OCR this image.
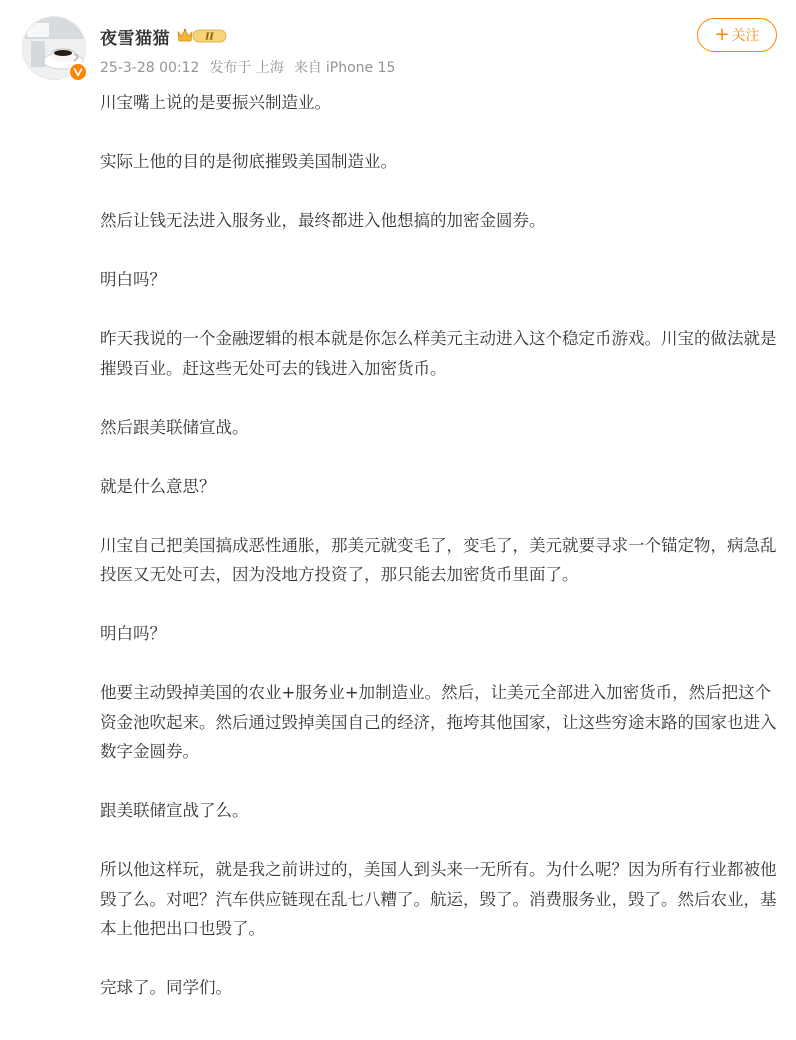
夜雪猫猫	II
25-3-28 00:12 发布于 上海 来自 iPhone 15
+ 关注

川宝嘴上说的是要振兴制造业。

实际上他的目的是彻底摧毁美国制造业。

然后让钱无法进入服务业，最终都进入他想搞的加密金圆券。

明白吗？

昨天我说的一个金融逻辑的根本就是你怎么样美元主动进入这个稳定币游戏。川宝的做法就是摧毁百业。赶这些无处可去的钱进入加密货币。

然后跟美联储宣战。

就是什么意思？

川宝自己把美国搞成恶性通胀，那美元就变毛了，变毛了，美元就要寻求一个锚定物，病急乱投医又无处可去，因为没地方投资了，那只能去加密货币里面了。

明白吗？

他要主动毁掉美国的农业+服务业+加制造业。然后，让美元全部进入加密货币，然后把这个资金池吹起来。然后通过毁掉美国自己的经济，拖垮其他国家，让这些穷途末路的国家也进入数字金圆券。

跟美联储宣战了么。

所以他这样玩，就是我之前讲过的，美国人到头来一无所有。为什么呢？因为所有行业都被他毁了么。对吧？汽车供应链现在乱七八糟了。航运，毁了。消费服务业，毁了。然后农业，基本上他把出口也毁了。

完球了。同学们。
